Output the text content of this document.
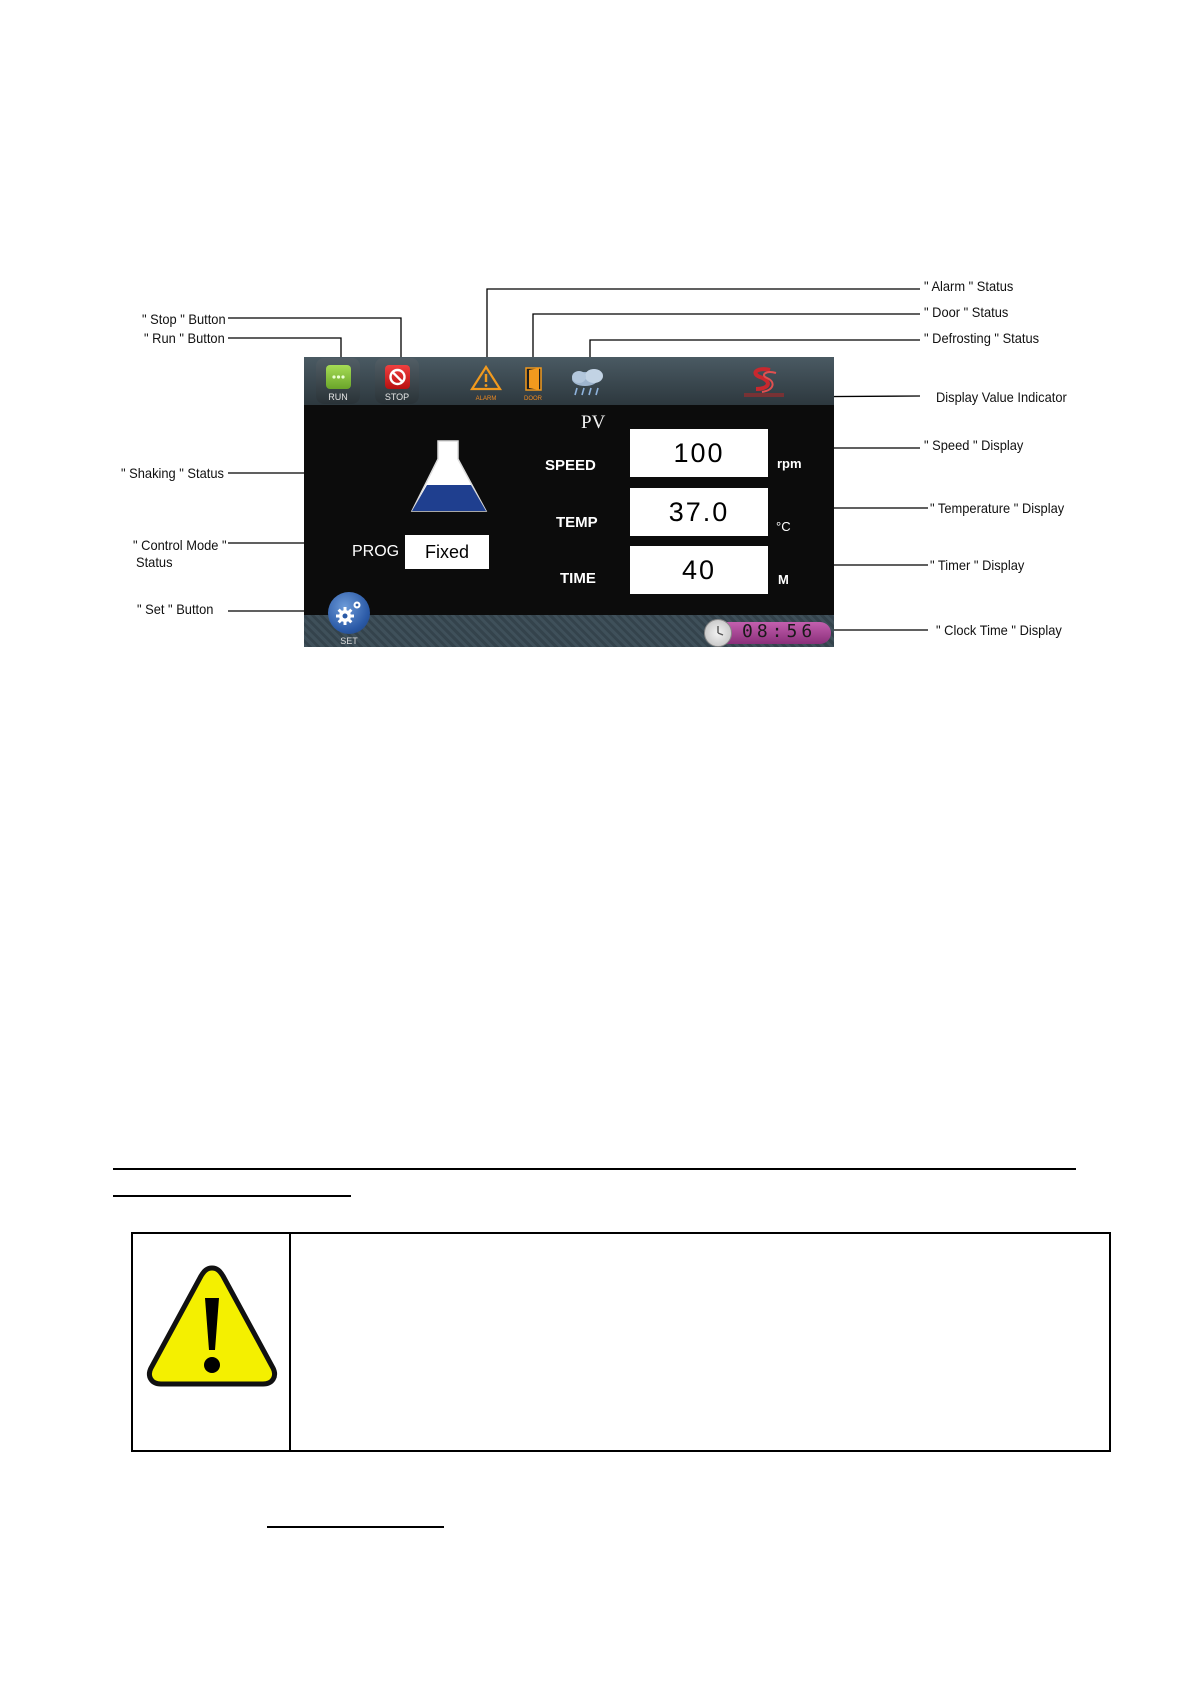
" Stop " Button
" Run " Button
" Alarm " Status
" Door " Status
" Defrosting " Status
Display Value Indicator
" Speed " Display
" Shaking " Status
" Temperature " Display
" Control Mode "
Status	" Timer " Display
" Set " Button
" Clock Time " Display
RUN	STOP	ALARM	DOOR
PV
SPEED	100	rpm
TEMP	37.0	°C
TIME	40	M
PROG	Fixed
SET	08:56
